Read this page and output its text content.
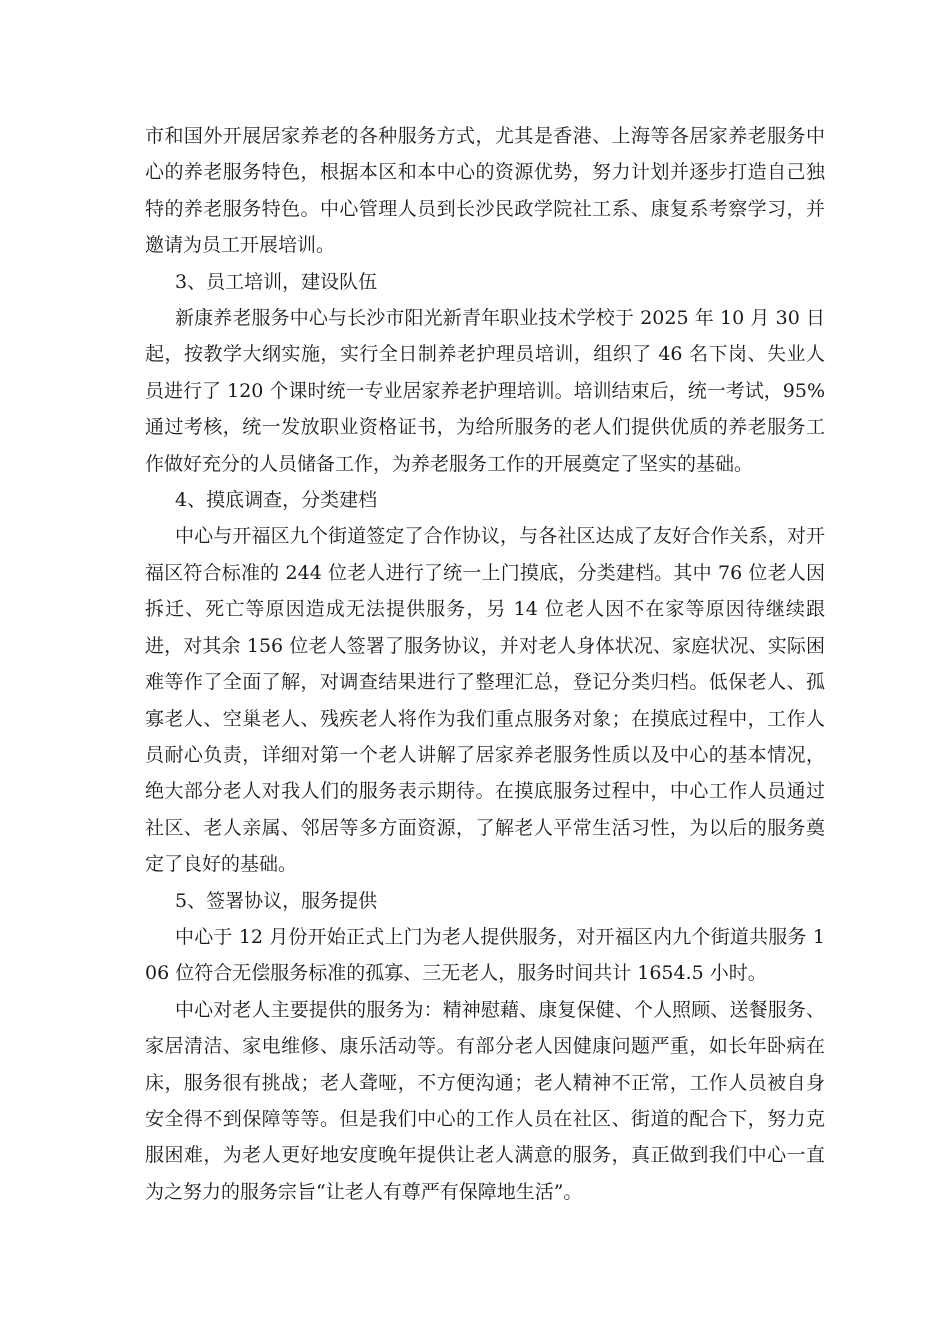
市和国外开展居家养老的各种服务方式，尤其是香港、上海等各居家养老服务中心的养老服务特色，根据本区和本中心的资源优势，努力计划并逐步打造自己独特的养老服务特色。中心管理人员到长沙民政学院社工系、康复系考察学习，并邀请为员工开展培训。

3、员工培训，建设队伍

新康养老服务中心与长沙市阳光新青年职业技术学校于 2025 年 10 月 30 日起，按教学大纲实施，实行全日制养老护理员培训，组织了 46 名下岗、失业人员进行了 120 个课时统一专业居家养老护理培训。培训结束后，统一考试，95% 通过考核，统一发放职业资格证书，为给所服务的老人们提供优质的养老服务工作做好充分的人员储备工作，为养老服务工作的开展奠定了坚实的基础。

4、摸底调查，分类建档

中心与开福区九个街道签定了合作协议，与各社区达成了友好合作关系，对开福区符合标准的 244 位老人进行了统一上门摸底，分类建档。其中 76 位老人因拆迁、死亡等原因造成无法提供服务，另 14 位老人因不在家等原因待继续跟进，对其余 156 位老人签署了服务协议，并对老人身体状况、家庭状况、实际困难等作了全面了解，对调查结果进行了整理汇总，登记分类归档。低保老人、孤寡老人、空巢老人、残疾老人将作为我们重点服务对象；在摸底过程中，工作人员耐心负责，详细对第一个老人讲解了居家养老服务性质以及中心的基本情况，绝大部分老人对我人们的服务表示期待。在摸底服务过程中，中心工作人员通过社区、老人亲属、邻居等多方面资源，了解老人平常生活习性，为以后的服务奠定了良好的基础。

5、签署协议，服务提供

中心于 12 月份开始正式上门为老人提供服务，对开福区内九个街道共服务 106 位符合无偿服务标准的孤寡、三无老人，服务时间共计 1654.5 小时。

中心对老人主要提供的服务为：精神慰藉、康复保健、个人照顾、送餐服务、家居清洁、家电维修、康乐活动等。有部分老人因健康问题严重，如长年卧病在床，服务很有挑战；老人聋哑，不方便沟通；老人精神不正常，工作人员被自身安全得不到保障等等。但是我们中心的工作人员在社区、街道的配合下，努力克服困难，为老人更好地安度晚年提供让老人满意的服务，真正做到我们中心一直为之努力的服务宗旨“让老人有尊严有保障地生活”。
